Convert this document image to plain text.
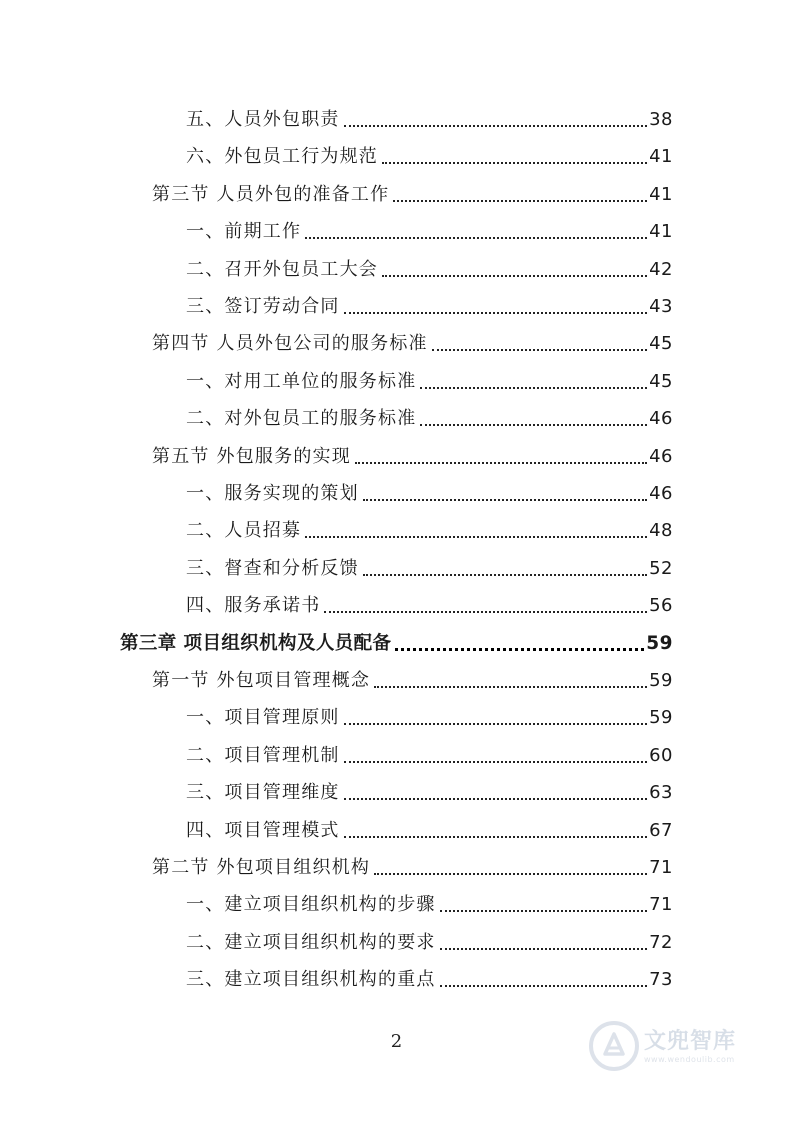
五、人员外包职责	38
六、外包员工行为规范	41
第三节 人员外包的准备工作	41
一、前期工作	41
二、召开外包员工大会	42
三、签订劳动合同	43
第四节 人员外包公司的服务标准	45
一、对用工单位的服务标准	45
二、对外包员工的服务标准	46
第五节 外包服务的实现	46
一、服务实现的策划	46
二、人员招募	48
三、督查和分析反馈	52
四、服务承诺书	56
第三章 项目组织机构及人员配备	59
第一节 外包项目管理概念	59
一、项目管理原则	59
二、项目管理机制	60
三、项目管理维度	63
四、项目管理模式	67
第二节 外包项目组织机构	71
一、建立项目组织机构的步骤	71
二、建立项目组织机构的要求	72
三、建立项目组织机构的重点	73
2	文兜智库
www.wendoulib.com
